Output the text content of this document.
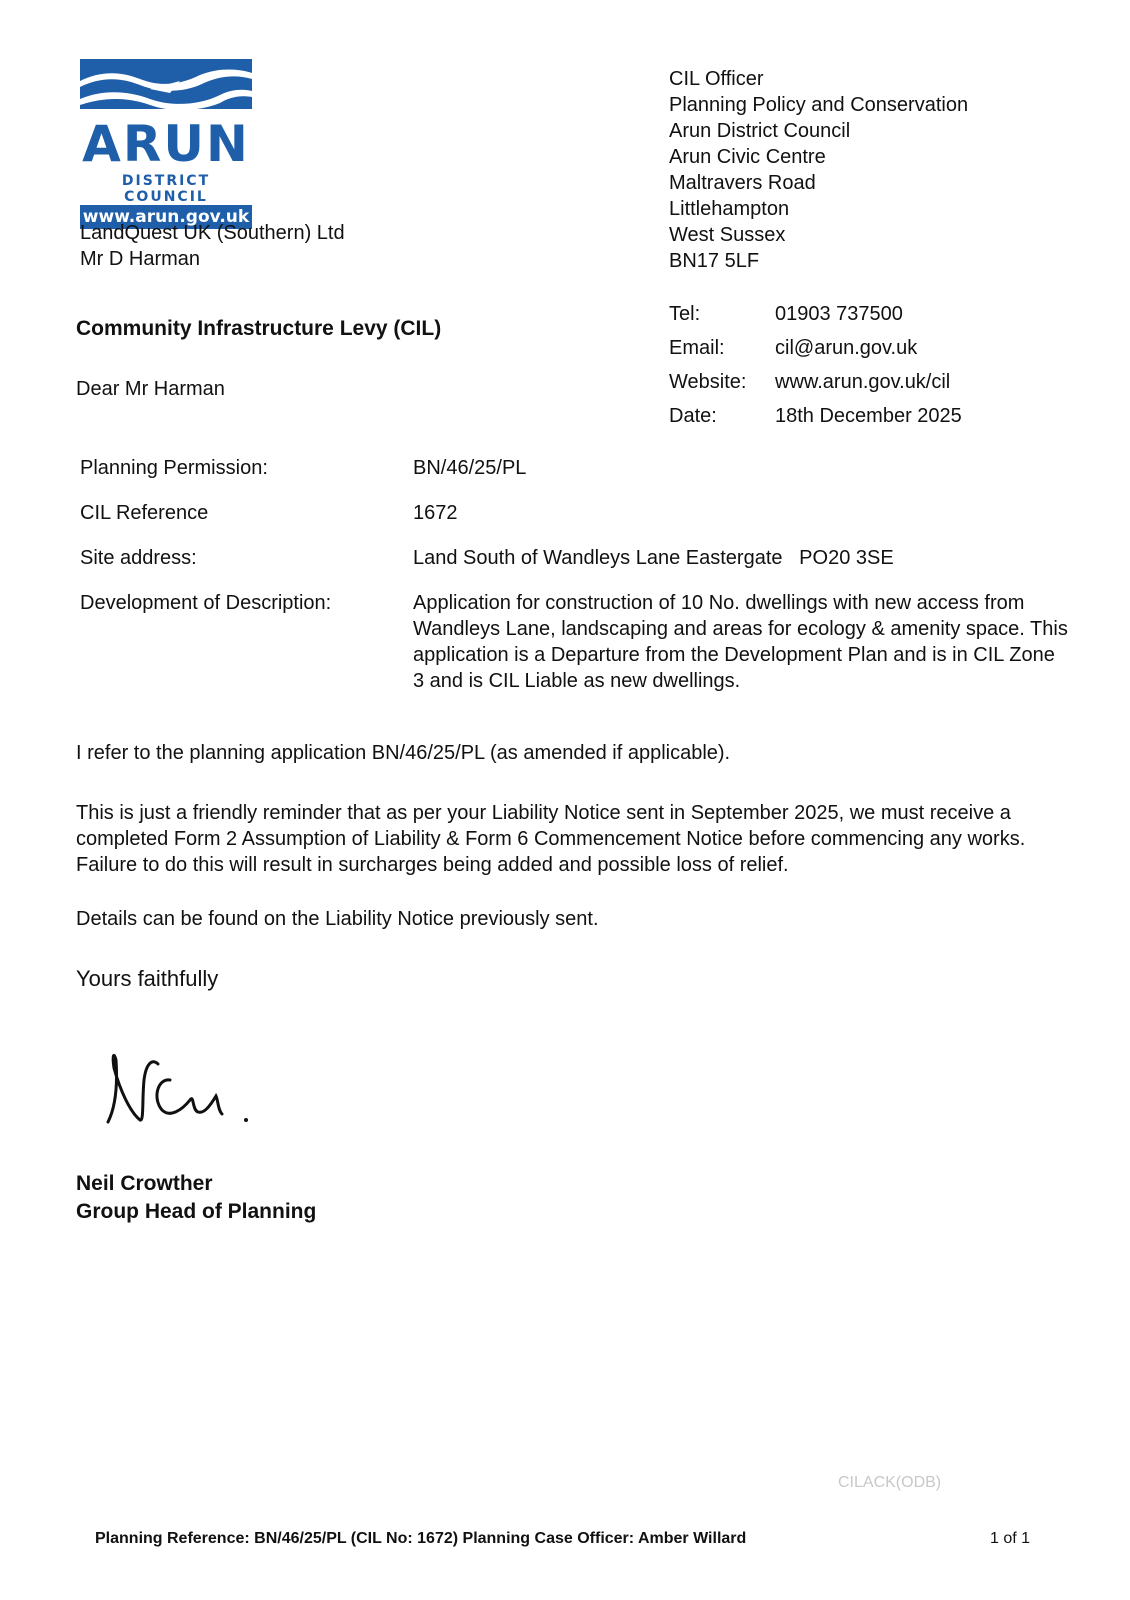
ARUN
DISTRICT COUNCIL
www.arun.gov.uk
LandQuest UK (Southern) Ltd
Mr D Harman
CIL Officer
Planning Policy and Conservation
Arun District Council
Arun Civic Centre
Maltravers Road
Littlehampton
West Sussex
BN17 5LF
Tel:	01903 737500
Email:	cil@arun.gov.uk
Website:	www.arun.gov.uk/cil
Date:	18th December 2025
Community Infrastructure Levy (CIL)
Dear Mr Harman
Planning Permission:	BN/46/25/PL
CIL Reference	1672
Site address:	Land South of Wandleys Lane Eastergate   PO20 3SE
Development of Description:	Application for construction of 10 No. dwellings with new access from Wandleys Lane, landscaping and areas for ecology & amenity space. This application is a Departure from the Development Plan and is in CIL Zone 3 and is CIL Liable as new dwellings.
I refer to the planning application BN/46/25/PL (as amended if applicable).
This is just a friendly reminder that as per your Liability Notice sent in September 2025, we must receive a completed Form 2 Assumption of Liability & Form 6 Commencement Notice before commencing any works. Failure to do this will result in surcharges being added and possible loss of relief.
Details can be found on the Liability Notice previously sent.
Yours faithfully
Neil Crowther
Group Head of Planning
CILACK(ODB)
Planning Reference: BN/46/25/PL (CIL No: 1672) Planning Case Officer: Amber Willard	1 of 1
